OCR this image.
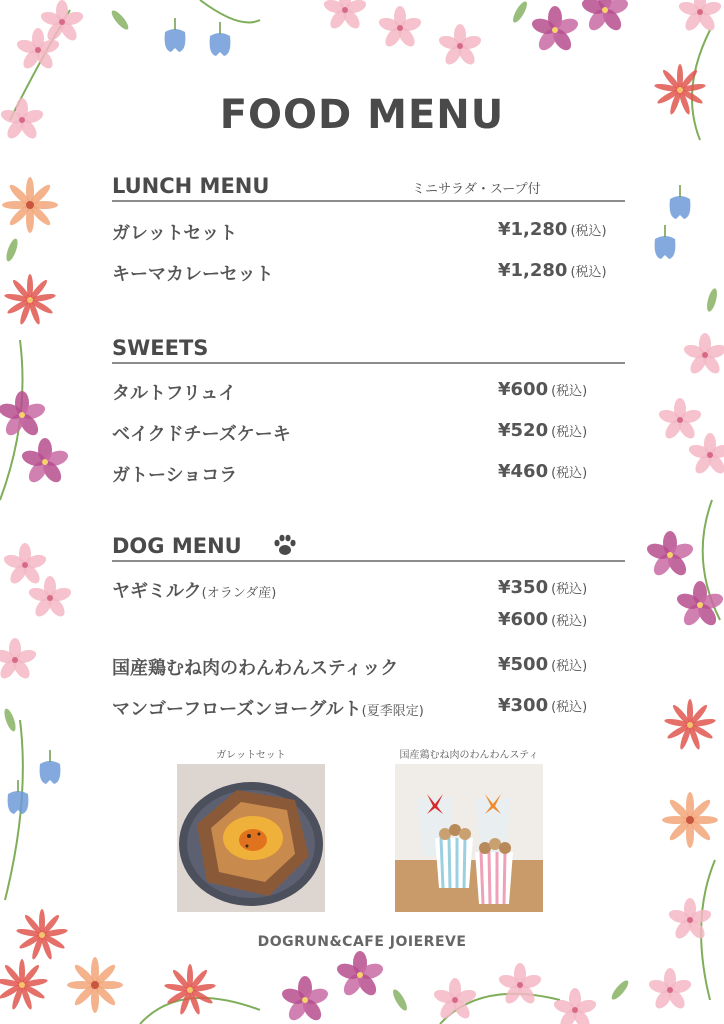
FOOD MENU
LUNCH MENU	ミニサラダ・スープ付
ガレットセット	¥1,280 (税込)
キーマカレーセット	¥1,280 (税込)
SWEETS
タルトフリュイ	¥600 (税込)
ベイクドチーズケーキ	¥520 (税込)
ガトーショコラ	¥460 (税込)
DOG MENU
ヤギミルク(オランダ産)	¥350 (税込)
¥600 (税込)
国産鶏むね肉のわんわんスティック	¥500 (税込)
マンゴーフローズンヨーグルト(夏季限定)	¥300 (税込)
ガレットセット	国産鶏むね肉のわんわんスティ
DOGRUN&CAFE JOIEREVE
